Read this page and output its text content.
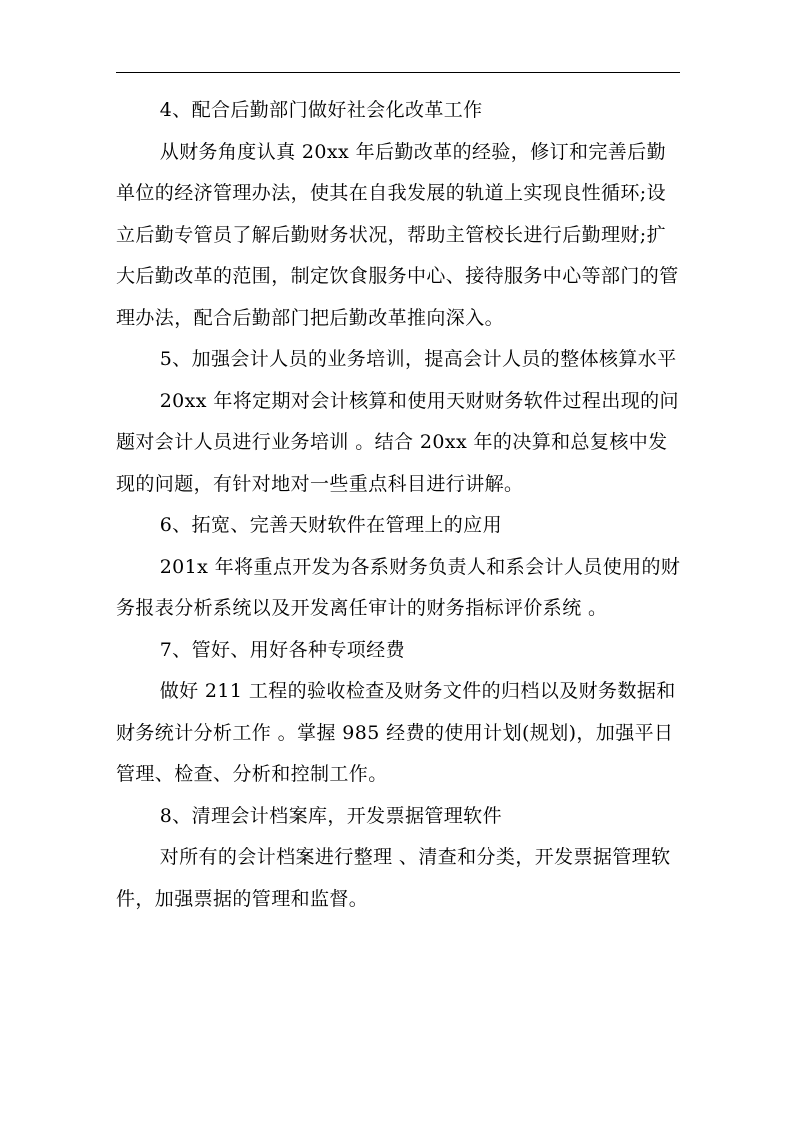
4、配合后勤部门做好社会化改革工作

从财务角度认真 20xx 年后勤改革的经验，修订和完善后勤单位的经济管理办法，使其在自我发展的轨道上实现良性循环;设立后勤专管员了解后勤财务状况，帮助主管校长进行后勤理财;扩大后勤改革的范围，制定饮食服务中心、接待服务中心等部门的管理办法，配合后勤部门把后勤改革推向深入。

5、加强会计人员的业务培训，提高会计人员的整体核算水平

20xx 年将定期对会计核算和使用天财财务软件过程出现的问题对会计人员进行业务培训 。结合 20xx 年的决算和总复核中发现的问题，有针对地对一些重点科目进行讲解。

6、拓宽、完善天财软件在管理上的应用

201x 年将重点开发为各系财务负责人和系会计人员使用的财务报表分析系统以及开发离任审计的财务指标评价系统 。

7、管好、用好各种专项经费

做好 211 工程的验收检查及财务文件的归档以及财务数据和财务统计分析工作 。掌握 985 经费的使用计划(规划)，加强平日管理、检查、分析和控制工作。

8、清理会计档案库，开发票据管理软件

对所有的会计档案进行整理 、清查和分类，开发票据管理软件，加强票据的管理和监督。
